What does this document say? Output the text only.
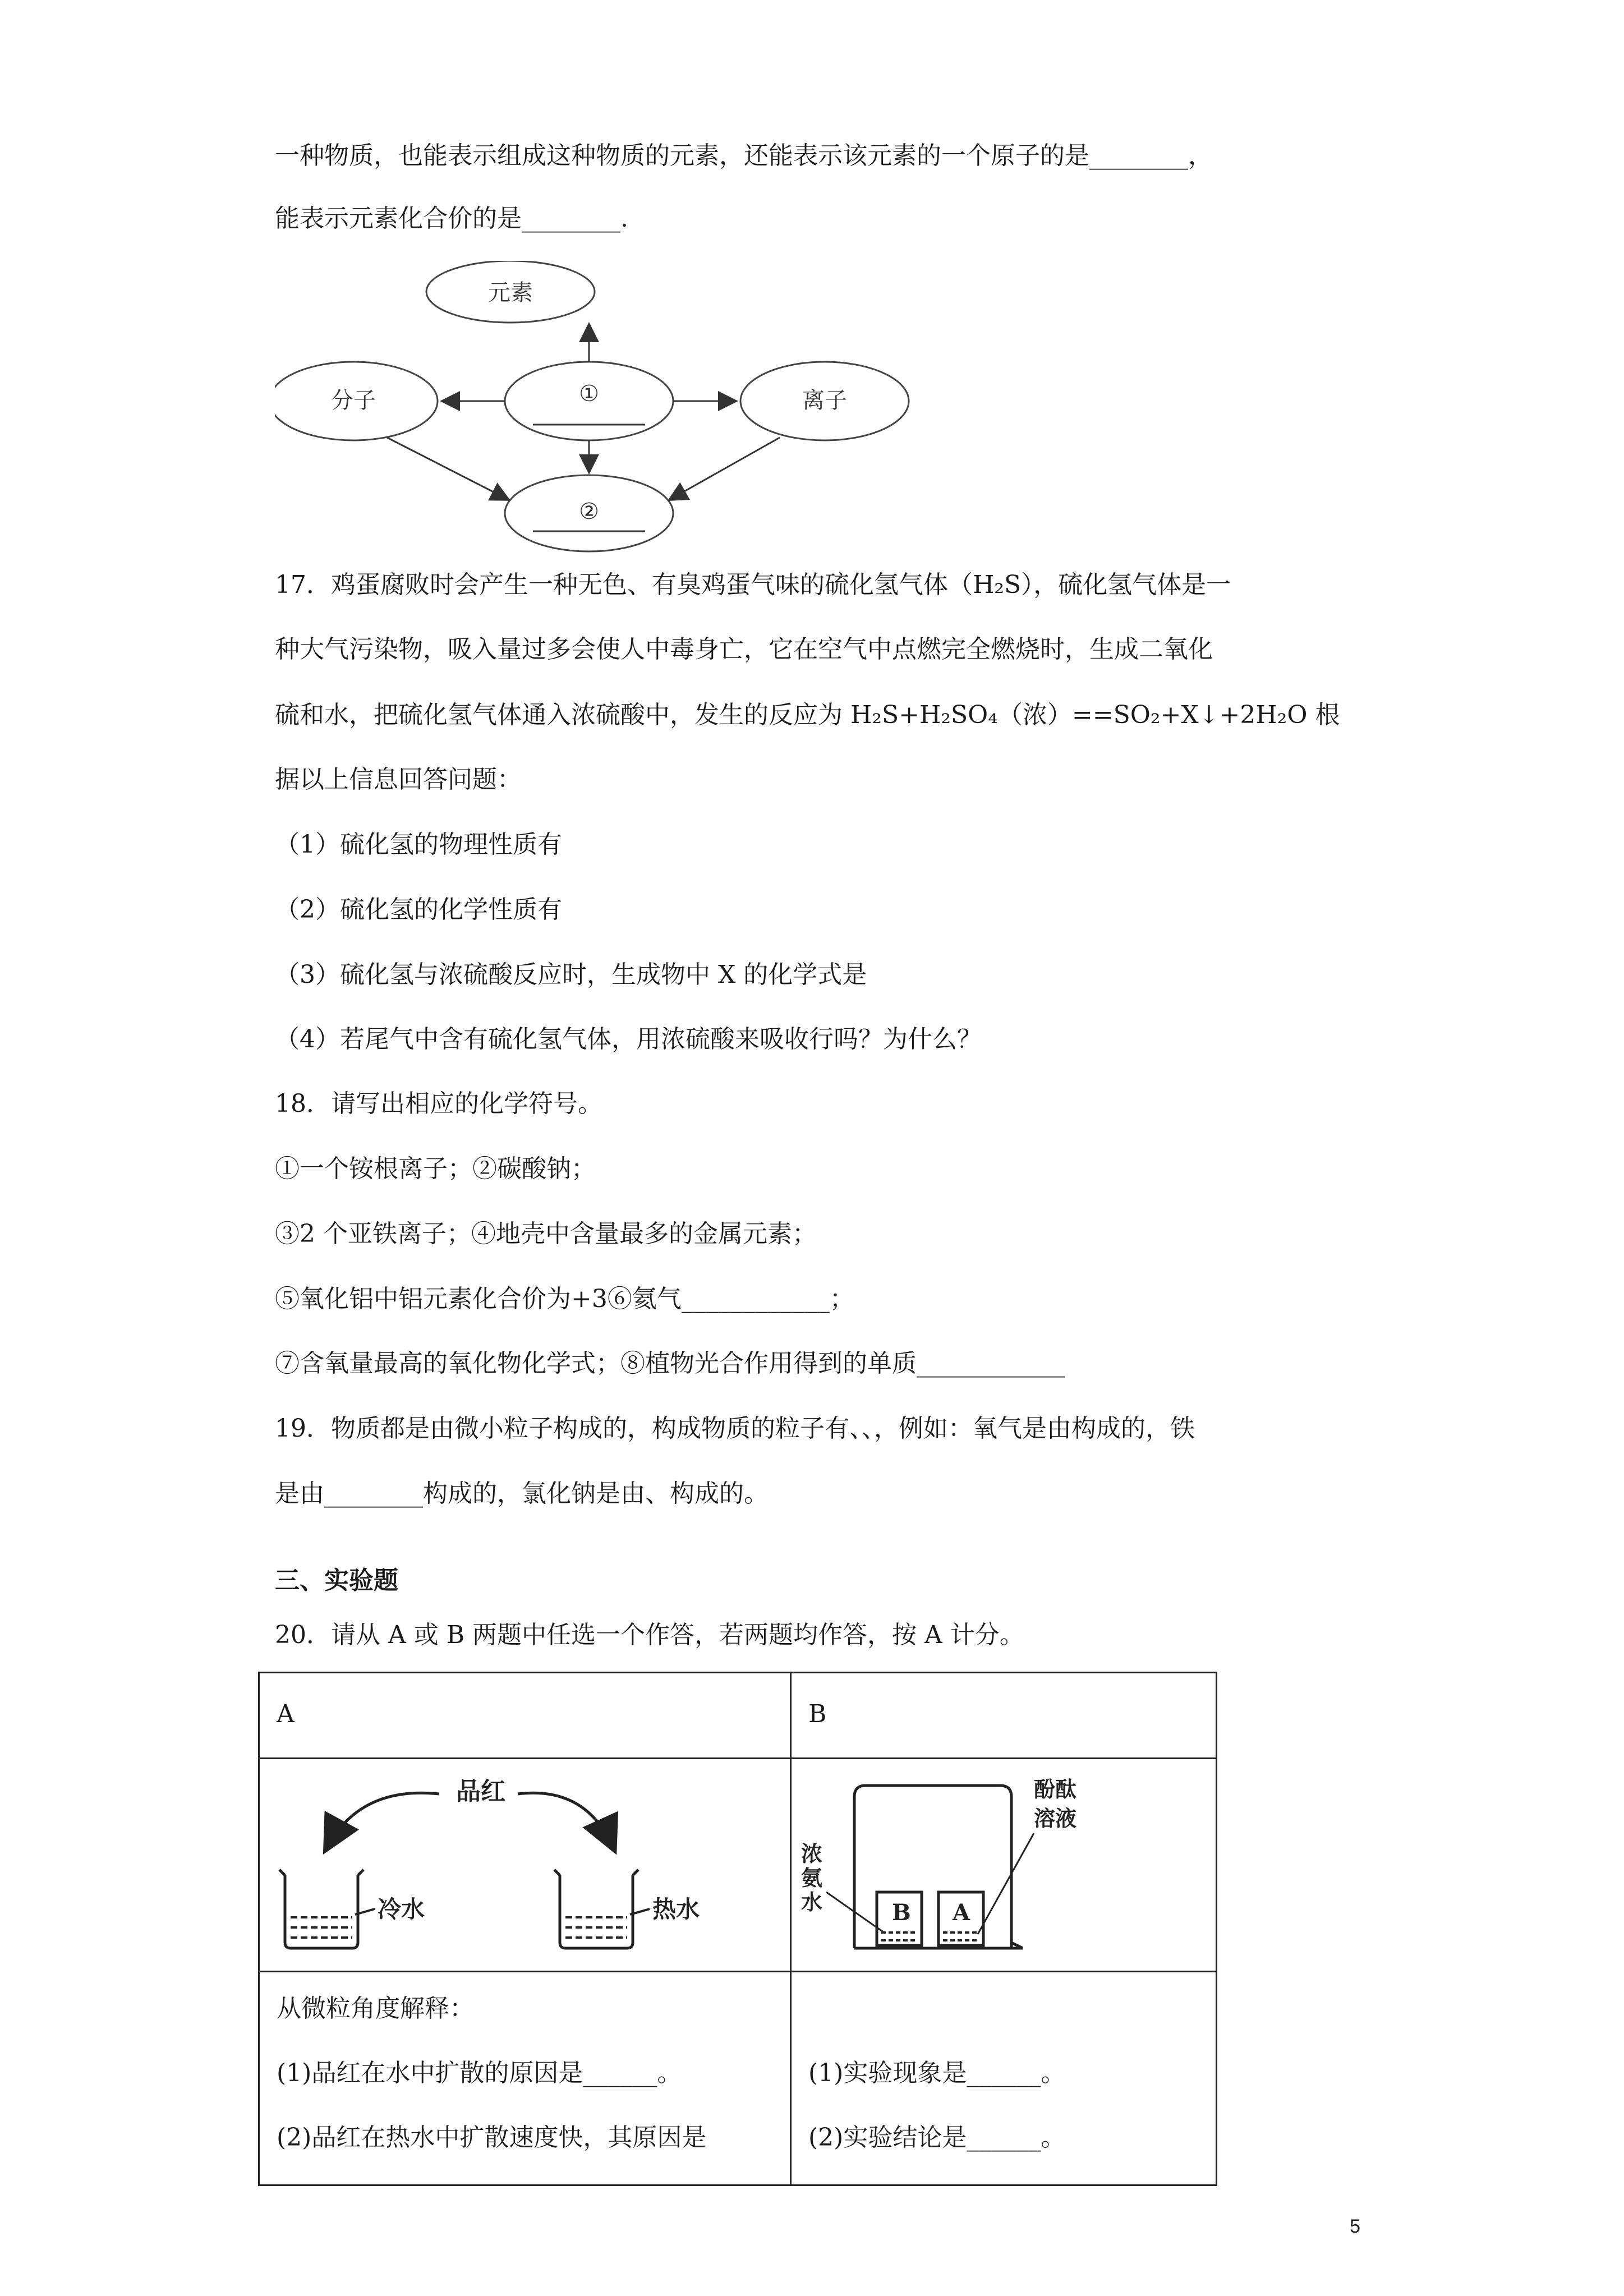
一种物质，也能表示组成这种物质的元素，还能表示该元素的一个原子的是________，
能表示元素化合价的是________.
元素
分子	①	离子
②
17．鸡蛋腐败时会产生一种无色、有臭鸡蛋气味的硫化氢气体（H₂S），硫化氢气体是一
种大气污染物，吸入量过多会使人中毒身亡，它在空气中点燃完全燃烧时，生成二氧化
硫和水，把硫化氢气体通入浓硫酸中，发生的反应为 H₂S+H₂SO₄（浓）==SO₂+X↓+2H₂O 根
据以上信息回答问题：
（1）硫化氢的物理性质有
（2）硫化氢的化学性质有
（3）硫化氢与浓硫酸反应时，生成物中 X 的化学式是
（4）若尾气中含有硫化氢气体，用浓硫酸来吸收行吗？为什么？
18．请写出相应的化学符号。
①一个铵根离子；②碳酸钠；
③2 个亚铁离子；④地壳中含量最多的金属元素；
⑤氧化铝中铝元素化合价为+3⑥氦气____________；
⑦含氧量最高的氧化物化学式；⑧植物光合作用得到的单质____________
19．物质都是由微小粒子构成的，构成物质的粒子有、、，例如：氧气是由构成的，铁
是由________构成的，氯化钠是由、构成的。
三、实验题
20．请从 A 或 B 两题中任选一个作答，若两题均作答，按 A 计分。
A	B
品红
冷水	热水	B A
浓
氨
水
酚酞
溶液
从微粒角度解释：
(1)品红在水中扩散的原因是______。
(2)品红在热水中扩散速度快，其原因是
(1)实验现象是______。
(2)实验结论是______。
5
